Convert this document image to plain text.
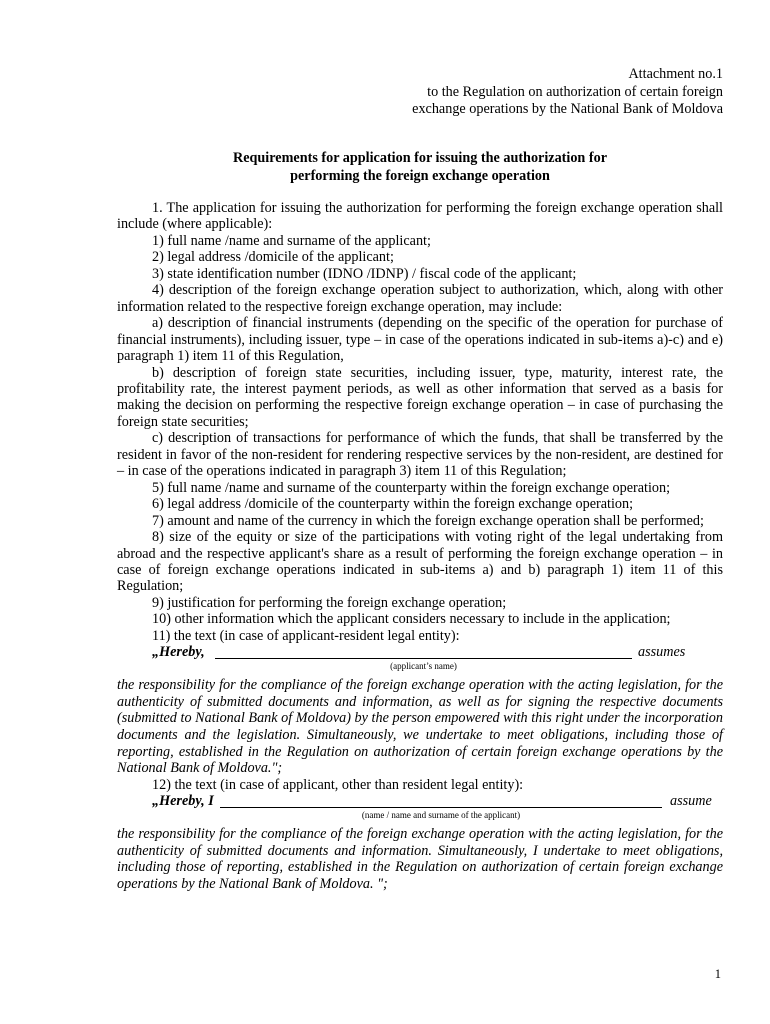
Attachment no.1
to the Regulation on authorization of certain foreign
exchange operations by the National Bank of Moldova
Requirements for application for issuing the authorization for
performing the foreign exchange operation

1. The application for issuing the authorization for performing the foreign exchange operation shall include (where applicable):

1) full name /name and surname of the applicant;

2) legal address /domicile of the applicant;

3) state identification number (IDNO /IDNP) / fiscal code of the applicant;

4) description of the foreign exchange operation subject to authorization, which, along with other information related to the respective foreign exchange operation, may include:

a) description of financial instruments (depending on the specific of the operation for purchase of financial instruments), including issuer, type – in case of the operations indicated in sub-items a)-c) and e) paragraph 1) item 11 of this Regulation,

b) description of foreign state securities, including issuer, type, maturity, interest rate, the profitability rate, the interest payment periods, as well as other information that served as a basis for making the decision on performing the respective foreign exchange operation – in case of purchasing the foreign state securities;

c) description of transactions for performance of which the funds, that shall be transferred by the resident in favor of the non-resident for rendering respective services by the non-resident, are destined for – in case of the operations indicated in paragraph 3) item 11 of this Regulation;

5) full name /name and surname of the counterparty within the foreign exchange operation;

6) legal address /domicile of the counterparty within the foreign exchange operation;

7) amount and name of the currency in which the foreign exchange operation shall be performed;

8) size of the equity or size of the participations with voting right of the legal undertaking from abroad and the respective applicant's share as a result of performing the foreign exchange operation – in case of foreign exchange operations indicated in sub-items a) and b) paragraph 1) item 11 of this Regulation;

9) justification for performing the foreign exchange operation;

10) other information which the applicant considers necessary to include in the application;

11) the text (in case of applicant-resident legal entity):

„Hereby,	assumes
(applicant’s name)

the responsibility for the compliance of the foreign exchange operation with the acting legislation, for the authenticity of submitted documents and information, as well as for signing the respective documents (submitted to National Bank of Moldova) by the person empowered with this right under the incorporation documents and the legislation. Simultaneously, we undertake to meet obligations, including those of reporting, established in the Regulation on authorization of certain foreign exchange operations by the National Bank of Moldova.";

12) the text (in case of applicant, other than resident legal entity):

„Hereby, I	assume
(name / name and surname of the applicant)

the responsibility for the compliance of the foreign exchange operation with the acting legislation, for the authenticity of submitted documents and information. Simultaneously, I undertake to meet obligations, including those of reporting, established in the Regulation on authorization of certain foreign exchange operations by the National Bank of Moldova. ";

1
